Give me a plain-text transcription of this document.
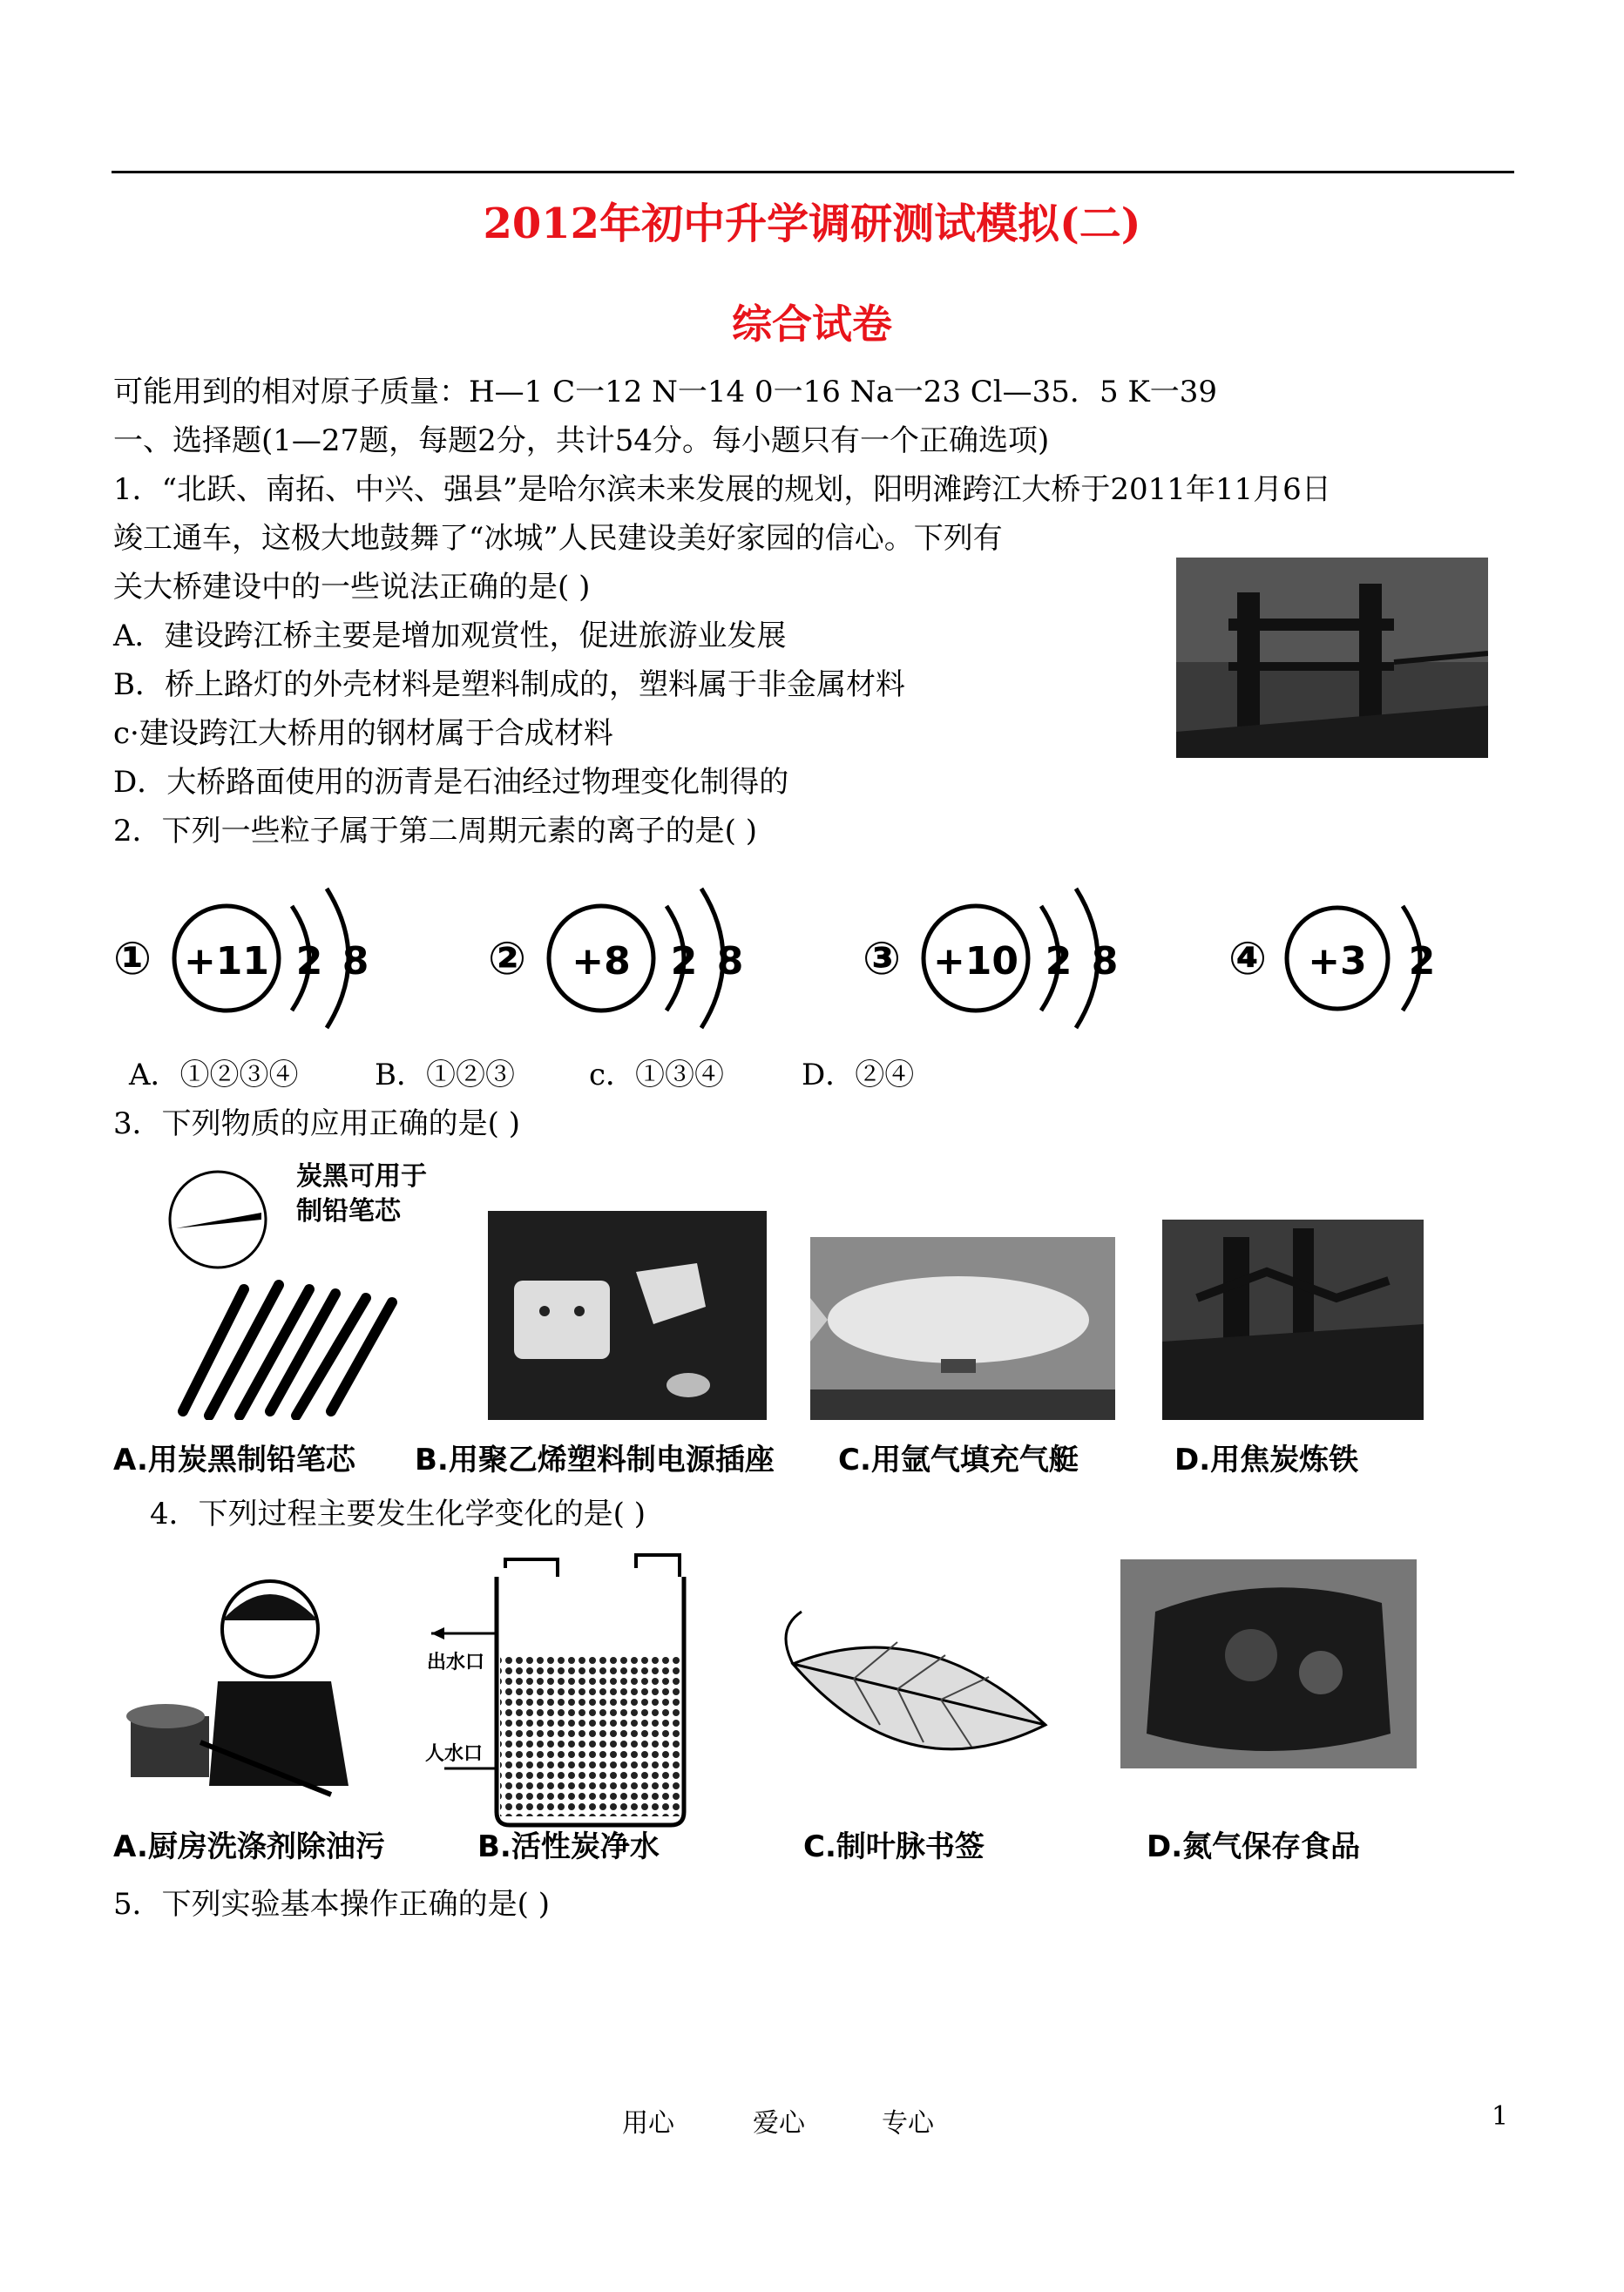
2012年初中升学调研测试模拟(二)
综合试卷
可能用到的相对原子质量：H—1 C一12 N一14 0一16 Na一23 Cl—35．5 K一39
一、选择题(1—27题，每题2分，共计54分。每小题只有一个正确选项)
1．“北跃、南拓、中兴、强县”是哈尔滨未来发展的规划，阳明滩跨江大桥于2011年11月6日
竣工通车，这极大地鼓舞了“冰城”人民建设美好家园的信心。下列有
关大桥建设中的一些说法正确的是( )
A．建设跨江桥主要是增加观赏性，促进旅游业发展
B．桥上路灯的外壳材料是塑料制成的，塑料属于非金属材料
c·建设跨江大桥用的钢材属于合成材料
D．大桥路面使用的沥青是石油经过物理变化制得的
2．下列一些粒子属于第二周期元素的离子的是( )
① +11 2 8	② +8 2 8	③ +10 2 8 ④ +3 2
A．①②③④	B．①②③	c．①③④	D．②④
3．下列物质的应用正确的是( )
炭黑可用于
制铅笔芯
A.用炭黑制铅笔芯 B.用聚乙烯塑料制电源插座 C.用氩气填充气艇	D.用焦炭炼铁
4．下列过程主要发生化学变化的是( )
出水口
人水口
A.厨房洗涤剂除油污	B.活性炭净水	C.制叶脉书签	D.氮气保存食品
5．下列实验基本操作正确的是( )
用心	爱心	专心	1
